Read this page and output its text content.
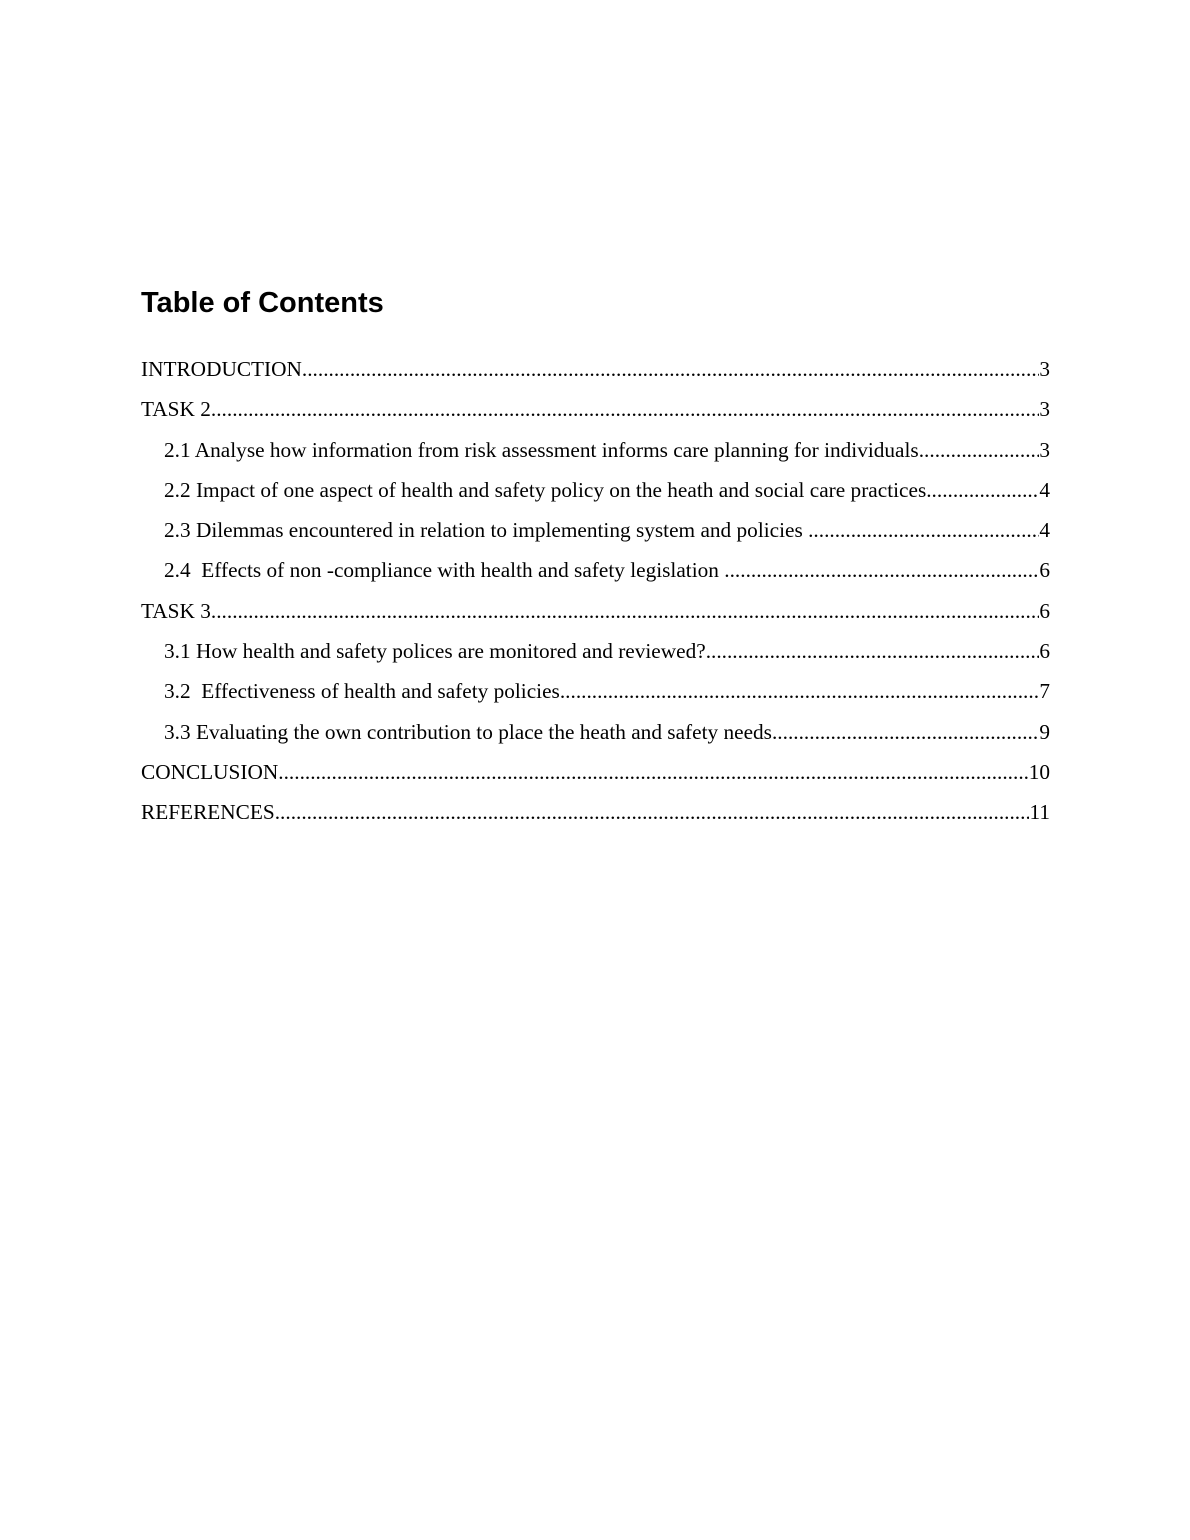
Table of Contents
INTRODUCTION .....	3
TASK 2 .....	3
2.1 Analyse how information from risk assessment informs care planning for individuals .....	3
2.2 Impact of one aspect of health and safety policy on the heath and social care practices .....	4
2.3 Dilemmas encountered in relation to implementing system and policies .....	4
2.4  Effects of non -compliance with health and safety legislation .....	6
TASK 3 .....	6
3.1 How health and safety polices are monitored and reviewed? .....	6
3.2  Effectiveness of health and safety policies .....	7
3.3 Evaluating the own contribution to place the heath and safety needs .....	9
CONCLUSION .....	10
REFERENCES .....	11
